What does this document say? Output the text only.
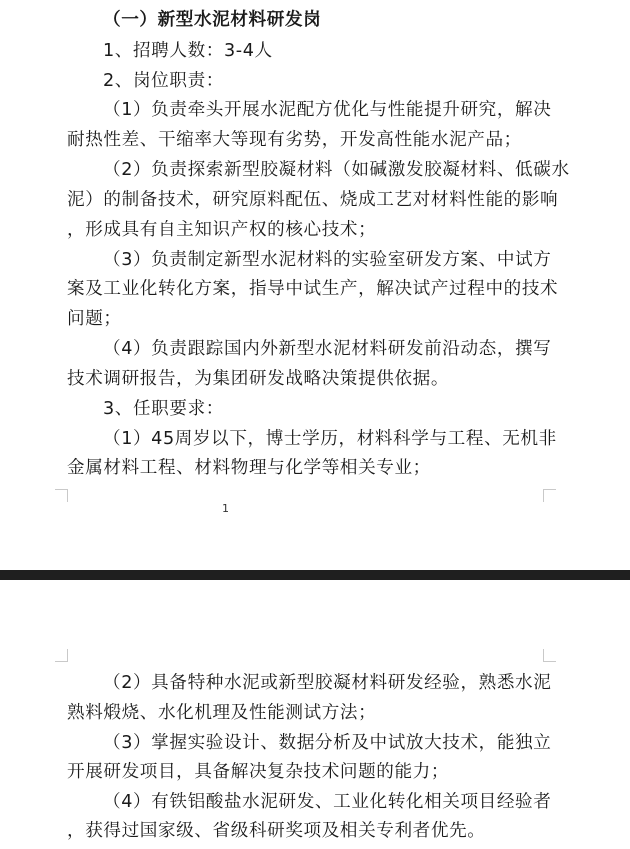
（一）新型水泥材料研发岗
1、招聘人数：3-4人
2、岗位职责：
（1）负责牵头开展水泥配方优化与性能提升研究，解决
耐热性差、干缩率大等现有劣势，开发高性能水泥产品；
（2）负责探索新型胶凝材料（如碱激发胶凝材料、低碳水
泥）的制备技术，研究原料配伍、烧成工艺对材料性能的影响
，形成具有自主知识产权的核心技术；
（3）负责制定新型水泥材料的实验室研发方案、中试方
案及工业化转化方案，指导中试生产，解决试产过程中的技术
问题；
（4）负责跟踪国内外新型水泥材料研发前沿动态，撰写
技术调研报告，为集团研发战略决策提供依据。
3、任职要求：
（1）45周岁以下，博士学历，材料科学与工程、无机非
金属材料工程、材料物理与化学等相关专业；
1
（2）具备特种水泥或新型胶凝材料研发经验，熟悉水泥
熟料煅烧、水化机理及性能测试方法；
（3）掌握实验设计、数据分析及中试放大技术，能独立
开展研发项目，具备解决复杂技术问题的能力；
（4）有铁铝酸盐水泥研发、工业化转化相关项目经验者
，获得过国家级、省级科研奖项及相关专利者优先。
